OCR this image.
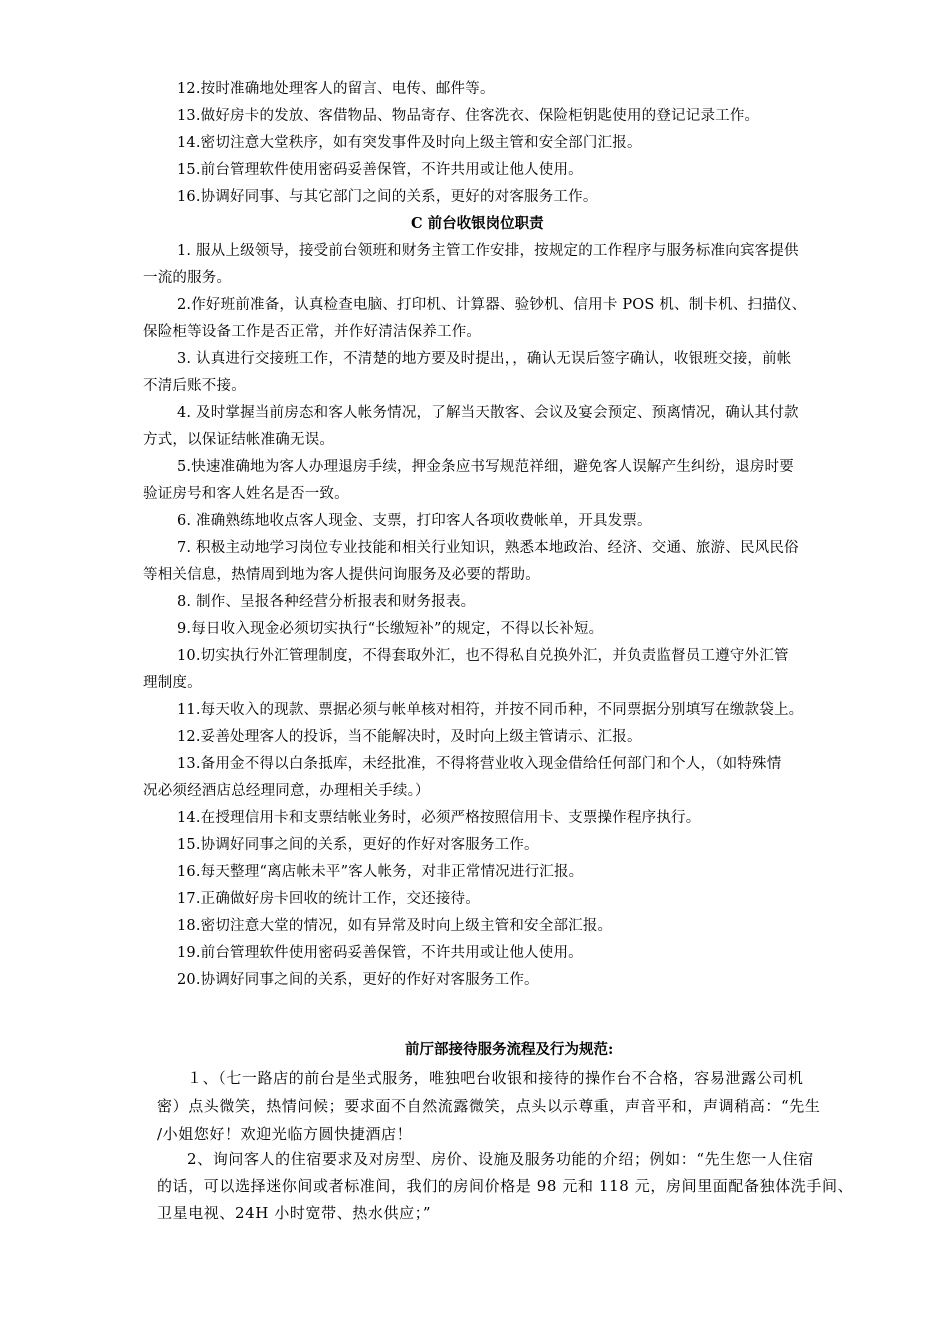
12.按时准确地处理客人的留言、电传、邮件等。
13.做好房卡的发放、客借物品、物品寄存、住客洗衣、保险柜钥匙使用的登记记录工作。
14.密切注意大堂秩序，如有突发事件及时向上级主管和安全部门汇报。
15.前台管理软件使用密码妥善保管，不许共用或让他人使用。
16.协调好同事、与其它部门之间的关系，更好的对客服务工作。
C 前台收银岗位职责
1. 服从上级领导，接受前台领班和财务主管工作安排，按规定的工作程序与服务标准向宾客提供
一流的服务。
2.作好班前准备，认真检查电脑、打印机、计算器、验钞机、信用卡 POS 机、制卡机、扫描仪、
保险柜等设备工作是否正常，并作好清洁保养工作。
3. 认真进行交接班工作，不清楚的地方要及时提出，，确认无误后签字确认，收银班交接，前帐
不清后账不接。
4. 及时掌握当前房态和客人帐务情况，了解当天散客、会议及宴会预定、预离情况，确认其付款
方式，以保证结帐准确无误。
5.快速准确地为客人办理退房手续，押金条应书写规范祥细，避免客人误解产生纠纷，退房时要
验证房号和客人姓名是否一致。
6. 准确熟练地收点客人现金、支票，打印客人各项收费帐单，开具发票。
7. 积极主动地学习岗位专业技能和相关行业知识，熟悉本地政治、经济、交通、旅游、民风民俗
等相关信息，热情周到地为客人提供问询服务及必要的帮助。
8. 制作、呈报各种经营分析报表和财务报表。
9.每日收入现金必须切实执行“长缴短补”的规定，不得以长补短。
10.切实执行外汇管理制度，不得套取外汇，也不得私自兑换外汇，并负责监督员工遵守外汇管
理制度。
11.每天收入的现款、票据必须与帐单核对相符，并按不同币种，不同票据分别填写在缴款袋上。
12.妥善处理客人的投诉，当不能解决时，及时向上级主管请示、汇报。
13.备用金不得以白条抵库，未经批准，不得将营业收入现金借给任何部门和个人，（如特殊情
况必须经酒店总经理同意，办理相关手续。）
14.在授理信用卡和支票结帐业务时，必须严格按照信用卡、支票操作程序执行。
15.协调好同事之间的关系，更好的作好对客服务工作。
16.每天整理“离店帐未平”客人帐务，对非正常情况进行汇报。
17.正确做好房卡回收的统计工作，交还接待。
18.密切注意大堂的情况，如有异常及时向上级主管和安全部汇报。
19.前台管理软件使用密码妥善保管，不许共用或让他人使用。
20.协调好同事之间的关系，更好的作好对客服务工作。
前厅部接待服务流程及行为规范:
１、（七一路店的前台是坐式服务，唯独吧台收银和接待的操作台不合格，容易泄露公司机
密）点头微笑，热情问候；要求面不自然流露微笑，点头以示尊重，声音平和，声调稍高：“先生
/小姐您好！欢迎光临方圆快捷酒店！
2、询问客人的住宿要求及对房型、房价、设施及服务功能的介绍；例如：“先生您一人住宿
的话，可以选择迷你间或者标准间，我们的房间价格是 98 元和 118 元，房间里面配备独体洗手间、
卫星电视、24H 小时宽带、热水供应；”
